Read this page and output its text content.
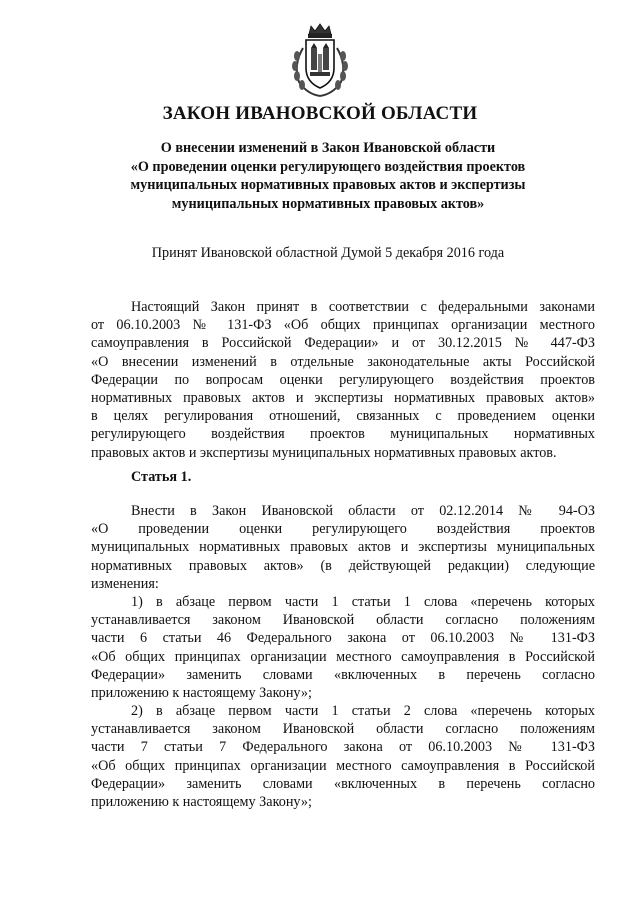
ЗАКОН ИВАНОВСКОЙ ОБЛАСТИ
О внесении изменений в Закон Ивановской области
«О проведении оценки регулирующего воздействия проектов
муниципальных нормативных правовых актов и экспертизы
муниципальных нормативных правовых актов»
Принят Ивановской областной Думой 5 декабря 2016 года
Настоящий Закон принят в соответствии с федеральными законами
от 06.10.2003 № 131-ФЗ «Об общих принципах организации местного
самоуправления в Российской Федерации» и от 30.12.2015 № 447-ФЗ
«О внесении изменений в отдельные законодательные акты Российской
Федерации по вопросам оценки регулирующего воздействия проектов
нормативных правовых актов и экспертизы нормативных правовых актов»
в целях регулирования отношений, связанных с проведением оценки
регулирующего воздействия проектов муниципальных нормативных
правовых актов и экспертизы муниципальных нормативных правовых актов.
Статья 1.
Внести в Закон Ивановской области от 02.12.2014 № 94-ОЗ
«О проведении оценки регулирующего воздействия проектов
муниципальных нормативных правовых актов и экспертизы муниципальных
нормативных правовых актов» (в действующей редакции) следующие
изменения:
1) в абзаце первом части 1 статьи 1 слова «перечень которых
устанавливается законом Ивановской области согласно положениям
части 6 статьи 46 Федерального закона от 06.10.2003 № 131-ФЗ
«Об общих принципах организации местного самоуправления в Российской
Федерации» заменить словами «включенных в перечень согласно
приложению к настоящему Закону»;
2) в абзаце первом части 1 статьи 2 слова «перечень которых
устанавливается законом Ивановской области согласно положениям
части 7 статьи 7 Федерального закона от 06.10.2003 № 131-ФЗ
«Об общих принципах организации местного самоуправления в Российской
Федерации» заменить словами «включенных в перечень согласно
приложению к настоящему Закону»;
